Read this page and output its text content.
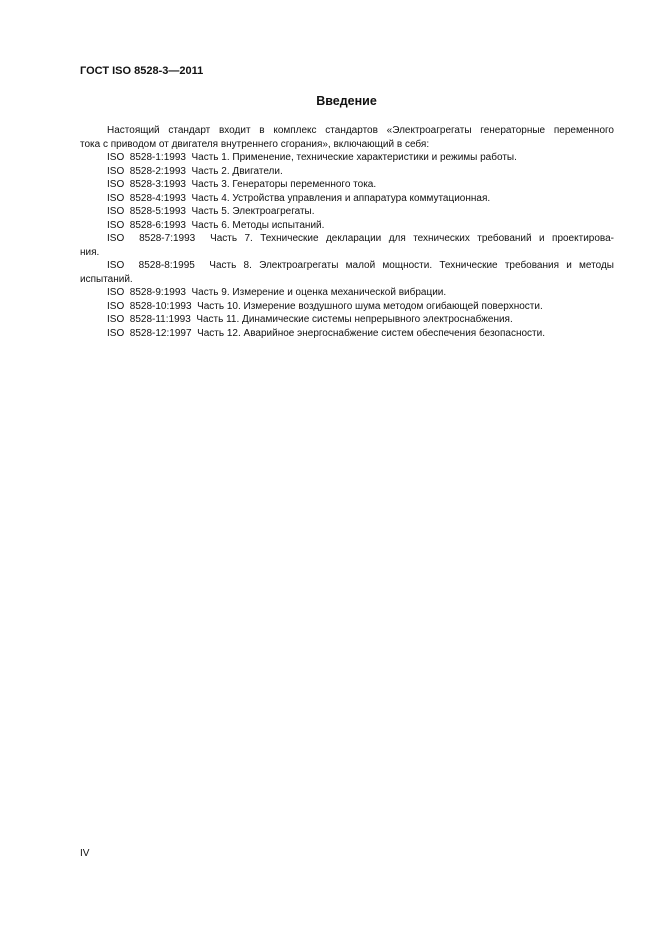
ГОСТ ISO 8528-3—2011
Введение
Настоящий стандарт входит в комплекс стандартов «Электроагрегаты генераторные переменного
тока с приводом от двигателя внутреннего сгорания», включающий в себя:
ISO  8528-1:1993  Часть 1. Применение, технические характеристики и режимы работы.
ISO  8528-2:1993  Часть 2. Двигатели.
ISO  8528-3:1993  Часть 3. Генераторы переменного тока.
ISO  8528-4:1993  Часть 4. Устройства управления и аппаратура коммутационная.
ISO  8528-5:1993  Часть 5. Электроагрегаты.
ISO  8528-6:1993  Часть 6. Методы испытаний.
ISO  8528-7:1993  Часть 7. Технические декларации для технических требований и проектирова-
ния.
ISO  8528-8:1995  Часть 8. Электроагрегаты малой мощности. Технические требования и методы
испытаний.
ISO  8528-9:1993  Часть 9. Измерение и оценка механической вибрации.
ISO  8528-10:1993  Часть 10. Измерение воздушного шума методом огибающей поверхности.
ISO  8528-11:1993  Часть 11. Динамические системы непрерывного электроснабжения.
ISO  8528-12:1997  Часть 12. Аварийное энергоснабжение систем обеспечения безопасности.
IV
